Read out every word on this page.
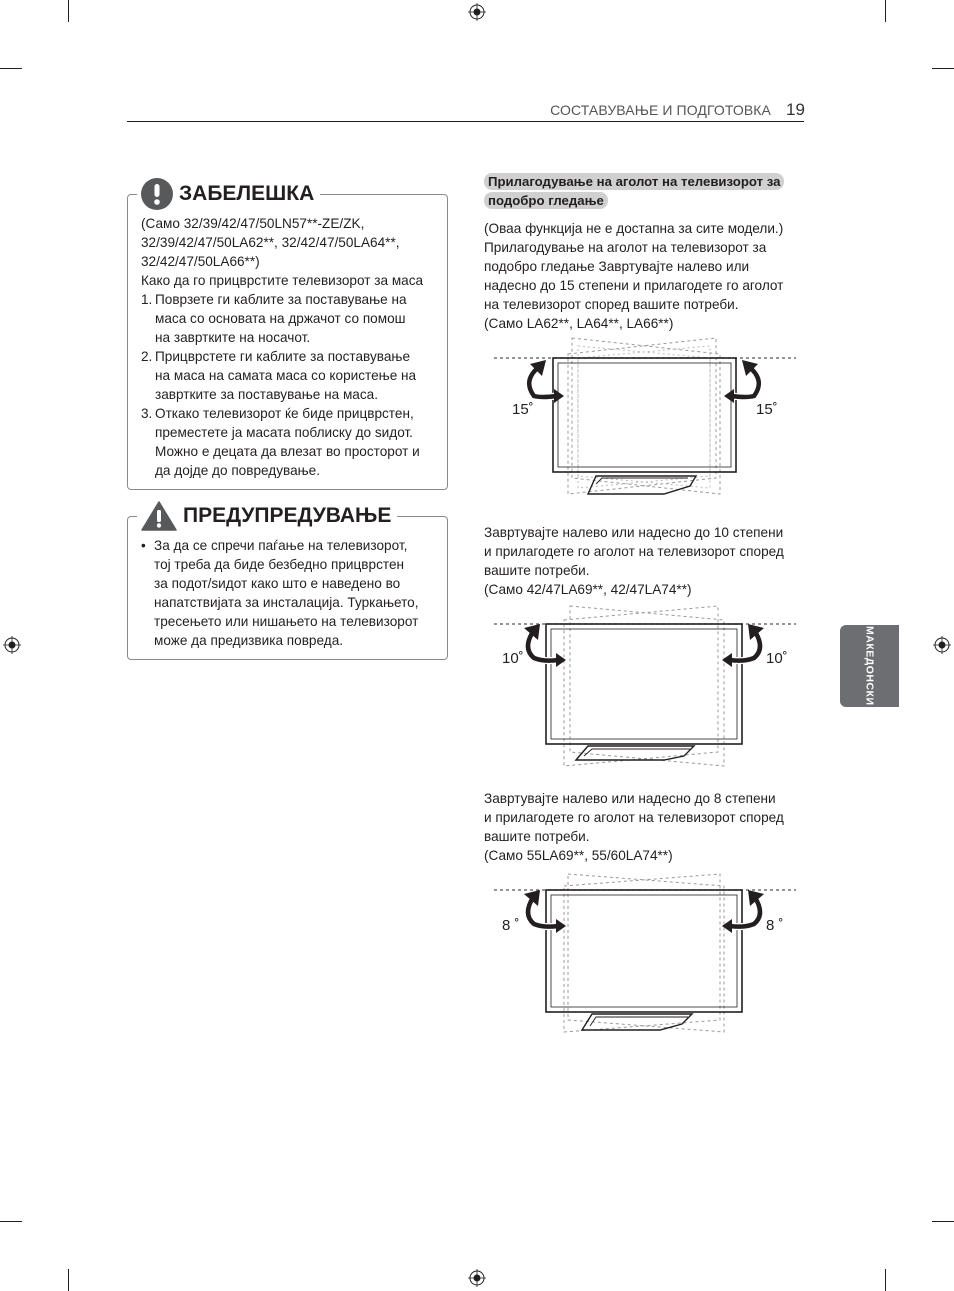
СОСТАВУВАЊЕ И ПОДГОТОВКА 19
ЗАБЕЛЕШКА

(Само 32/39/42/47/50LN57**-ZE/ZK,

32/39/42/47/50LA62**, 32/42/47/50LA64**,

32/42/47/50LA66**)

Како да го прицврстите телевизорот за маса

1. Поврзете ги каблите за поставување на
маса со основата на држачот со помош
на завртките на носачот.
2. Прицврстете ги каблите за поставување
на маса на самата маса со користење на
завртките за поставување на маса.
3. Откако телевизорот ќе биде прицврстен,
преместете ја масата поблиску до ѕидот.
Можно е децата да влезат во просторот и
да дојде до повредување.
ПРЕДУПРЕДУВАЊЕ
• За да се спречи паѓање на телевизорот,
тој треба да биде безбедно прицврстен
за подот/ѕидот како што е наведено во
напатствијата за инсталација. Туркањето,
тресењето или нишањето на телевизорот
може да предизвика повреда.
Прилагодување на аголот на телевизорот за
подобро гледање

(Оваа функција не е достапна за сите модели.)

Прилагодување на аголот на телевизорот за

подобро гледање Завртувајте налево или

надесно до 15 степени и прилагодете го аголот

на телевизорот според вашите потреби.

(Само LA62**, LA64**, LA66**)

15˚	15˚

Завртувајте налево или надесно до 10 степени

и прилагодете го аголот на телевизорот според

вашите потреби.

(Само 42/47LA69**, 42/47LA74**)

10˚	10˚

Завртувајте налево или надесно до 8 степени

и прилагодете го аголот на телевизорот според

вашите потреби.

(Само 55LA69**, 55/60LA74**)

8 ˚	8 ˚
МАКЕДОНСКИ
